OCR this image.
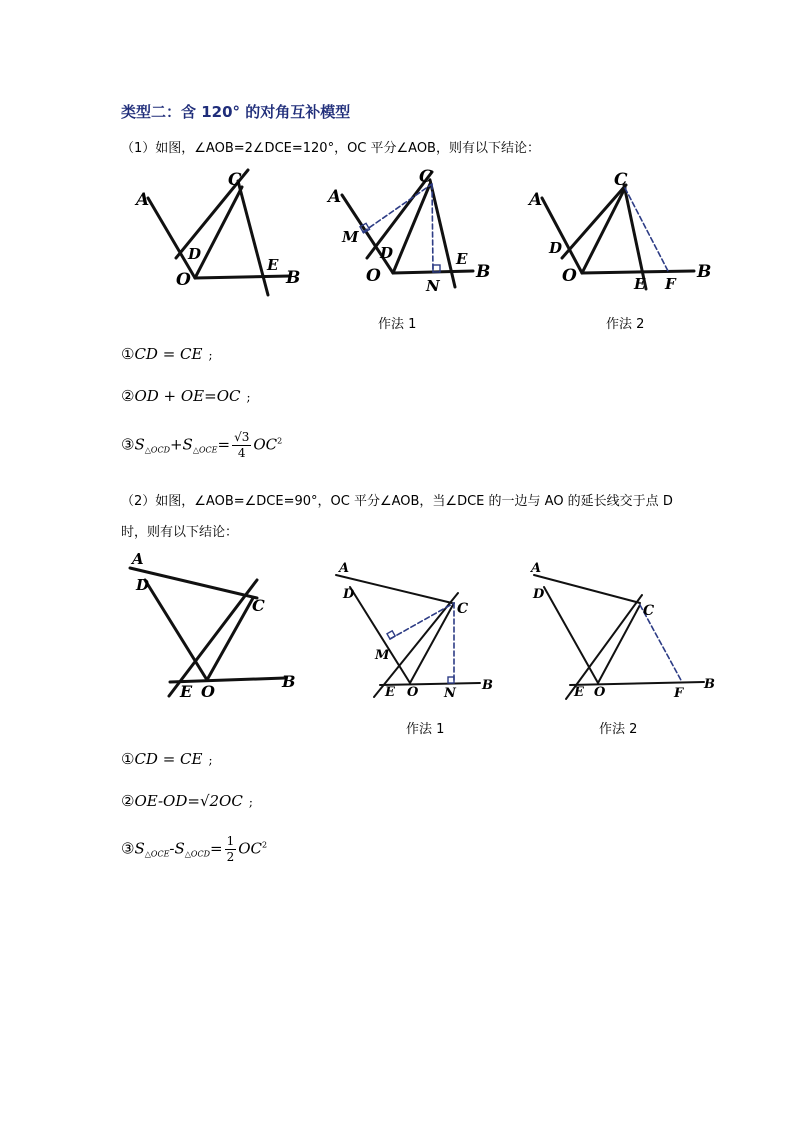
类型二：含 120° 的对角互补模型
（1）如图，∠AOB=2∠DCE=120°，OC 平分∠AOB，则有以下结论：
A
C
D
O
E
B
A
C
M
D
O	N
E
B
A
C
D
O	E F
B
作法 1	作法 2
①CD = CE ;
②OD + OE=OC ;
$③S_{\triangle OCD}+S_{\triangle OCE}= \frac{√3}{4} OC^2$
（2）如图，∠AOB=∠DCE=90°，OC 平分∠AOB，当∠DCE 的一边与 AO 的延长线交于点 D
时，则有以下结论：
A
D
C
E O
B
A
D
C
M
E O N
B
A
D
C
E O	F
B
作法 1	作法 2
①CD = CE ;
②OE-OD=√2OC ;
$③S_{\triangle OCE}-S_{\triangle OCD}= \frac{1}{2} OC^2$
